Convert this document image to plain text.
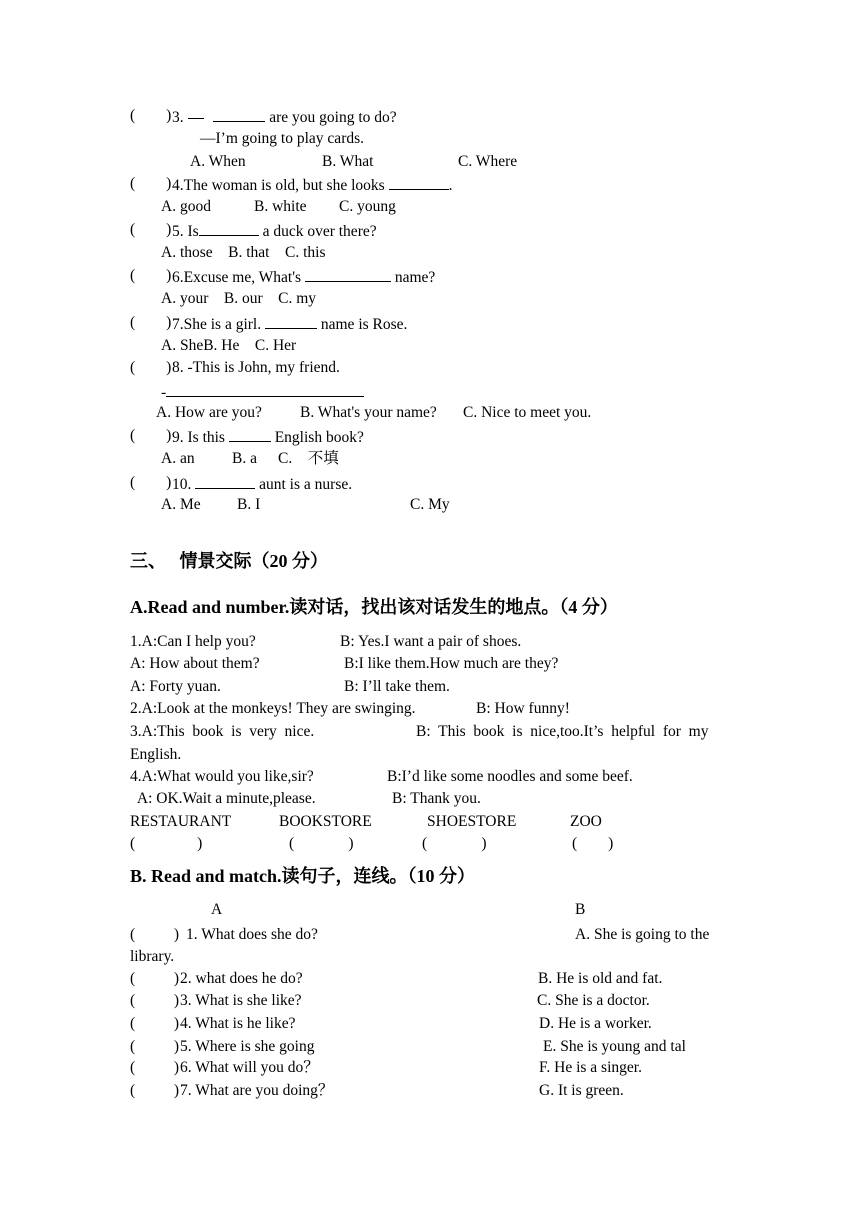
(        ) 3.	are you going to do?
—I’m going to play cards.
A. When	B. What	C. Where
(        ) 4.The woman is old, but she looks	.
A. good	B. white C. young
(        ) 5. Is	a duck over there?
A. those    B. that    C. this
(        ) 6.Excuse me, What's	name?
A. your    B. our    C. my
(        ) 7.She is a girl.	name is Rose.
A. SheB. He    C. Her
(        ) 8. -This is John, my friend.
-
A. How are you? B. What's your name? C. Nice to meet you.
(        ) 9. Is this	English book?
A. an B. a C.    不填
(        ) 10.	aunt is a nurse.
A. Me B. I	C. My
三、   情景交际（20 分）
A.Read and number.读对话，找出该对话发生的地点。（4 分）
1.A:Can I help you?	B: Yes.I want a pair of shoes.
A: How about them?	B:I like them.How much are they?
A: Forty yuan.	B: I’ll take them.
2.A:Look at the monkeys! They are swinging.	B: How funny!
3.A:This  book  is  very  nice.	B:  This  book  is  nice,too.It’s  helpful  for  my
English.
4.A:What would you like,sir?	B:I’d like some noodles and some beef.
A: OK.Wait a minute,please.	B: Thank you.
RESTAURANT	BOOKSTORE	SHOESTORE	ZOO
(                )	(              )	(              )	(        )
B. Read and match.读句子，连线。（10 分）
A	B
(          ) 1. What does she do?	A. She is going to the
library.
(          ) 2. what does he do?	B. He is old and fat.
(          ) 3. What is she like?	C. She is a doctor.
(          ) 4. What is he like?	D. He is a worker.
(          ) 5. Where is she going	E. She is young and tal
(          ) 6. What will you do？	F. He is a singer.
(          ) 7. What are you doing？	G. It is green.
